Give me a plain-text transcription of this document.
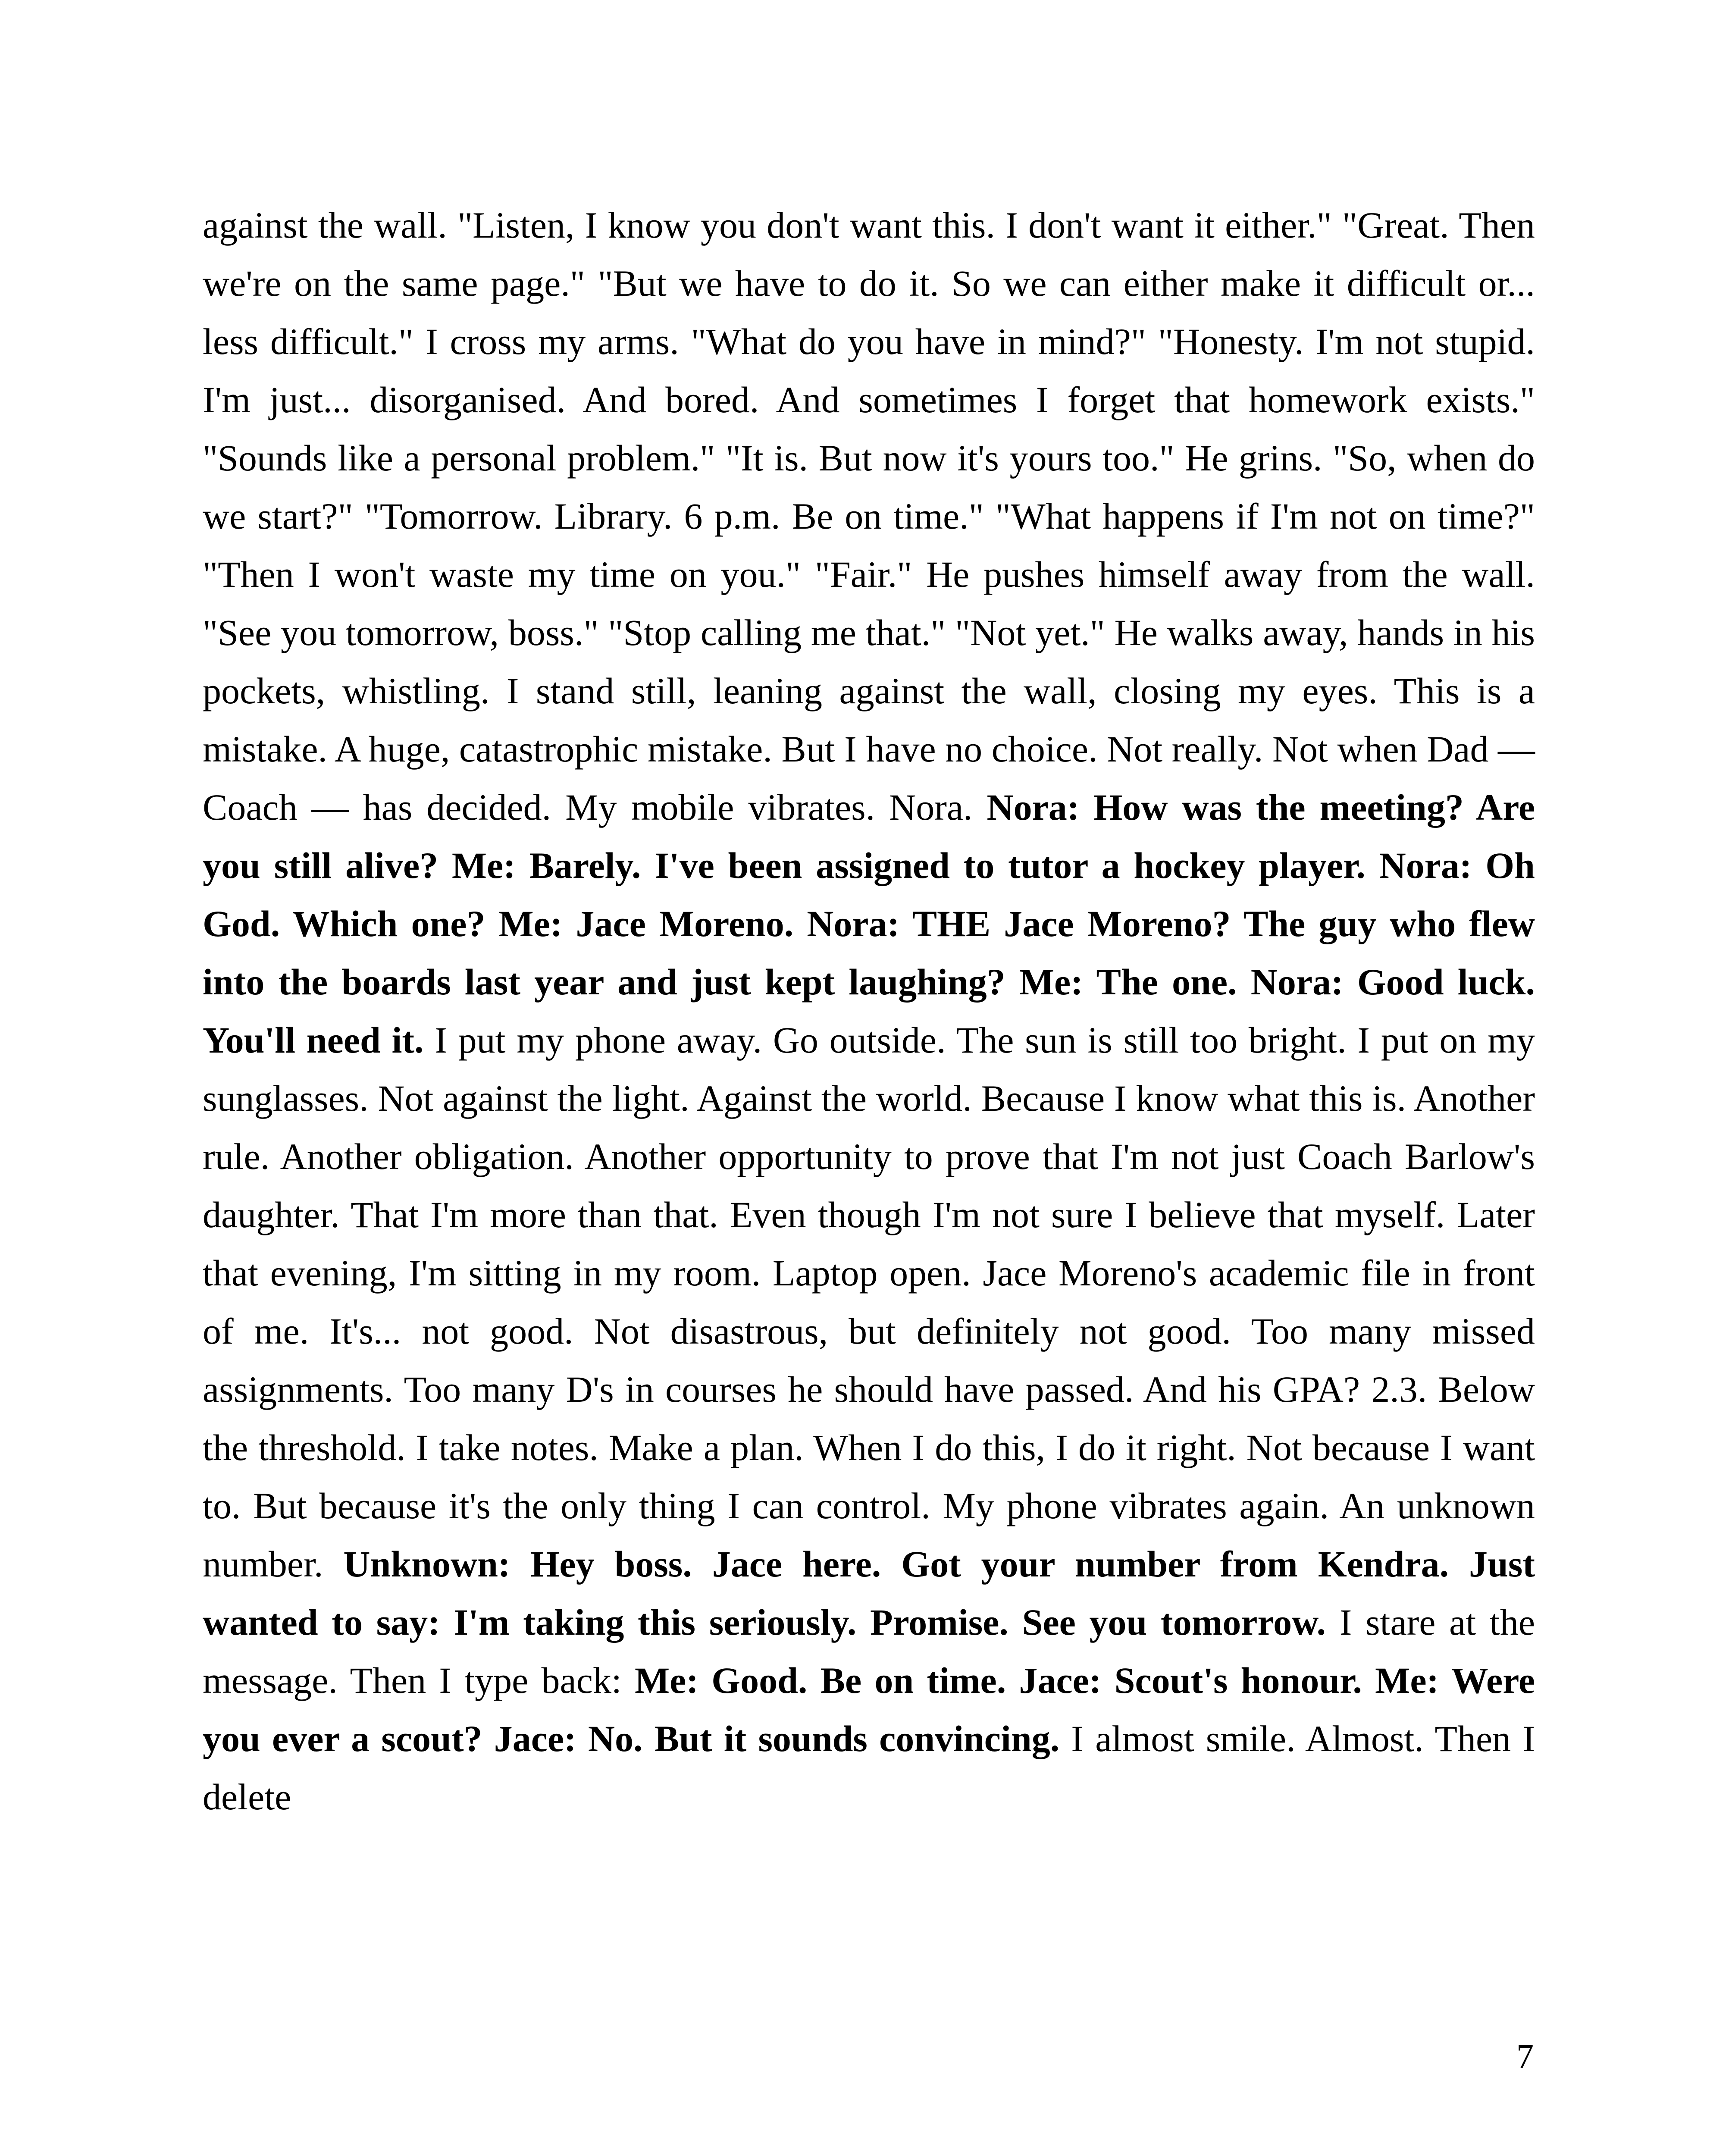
against the wall. "Listen, I know you don't want this. I don't want it either." "Great. Then we're on the same page." "But we have to do it. So we can either make it difficult or... less difficult." I cross my arms. "What do you have in mind?" "Honesty. I'm not stupid. I'm just... disorganised. And bored. And sometimes I forget that homework exists." "Sounds like a personal problem." "It is. But now it's yours too." He grins. "So, when do we start?" "Tomorrow. Library. 6 p.m. Be on time." "What happens if I'm not on time?" "Then I won't waste my time on you." "Fair." He pushes himself away from the wall. "See you tomorrow, boss." "Stop calling me that." "Not yet." He walks away, hands in his pockets, whistling. I stand still, leaning against the wall, closing my eyes. This is a mistake. A huge, catastrophic mistake. But I have no choice. Not really. Not when Dad — Coach — has decided. My mobile vibrates. Nora. Nora: How was the meeting? Are you still alive? Me: Barely. I've been assigned to tutor a hockey player. Nora: Oh God. Which one? Me: Jace Moreno. Nora: THE Jace Moreno? The guy who flew into the boards last year and just kept laughing? Me: The one. Nora: Good luck. You'll need it. I put my phone away. Go outside. The sun is still too bright. I put on my sunglasses. Not against the light. Against the world. Because I know what this is. Another rule. Another obligation. Another opportunity to prove that I'm not just Coach Barlow's daughter. That I'm more than that. Even though I'm not sure I believe that myself. Later that evening, I'm sitting in my room. Laptop open. Jace Moreno's academic file in front of me. It's... not good. Not disastrous, but definitely not good. Too many missed assignments. Too many D's in courses he should have passed. And his GPA? 2.3. Below the threshold. I take notes. Make a plan. When I do this, I do it right. Not because I want to. But because it's the only thing I can control. My phone vibrates again. An unknown number. Unknown: Hey boss. Jace here. Got your number from Kendra. Just wanted to say: I'm taking this seriously. Promise. See you tomorrow. I stare at the message. Then I type back: Me: Good. Be on time. Jace: Scout's honour. Me: Were you ever a scout? Jace: No. But it sounds convincing. I almost smile. Almost. Then I delete

7
